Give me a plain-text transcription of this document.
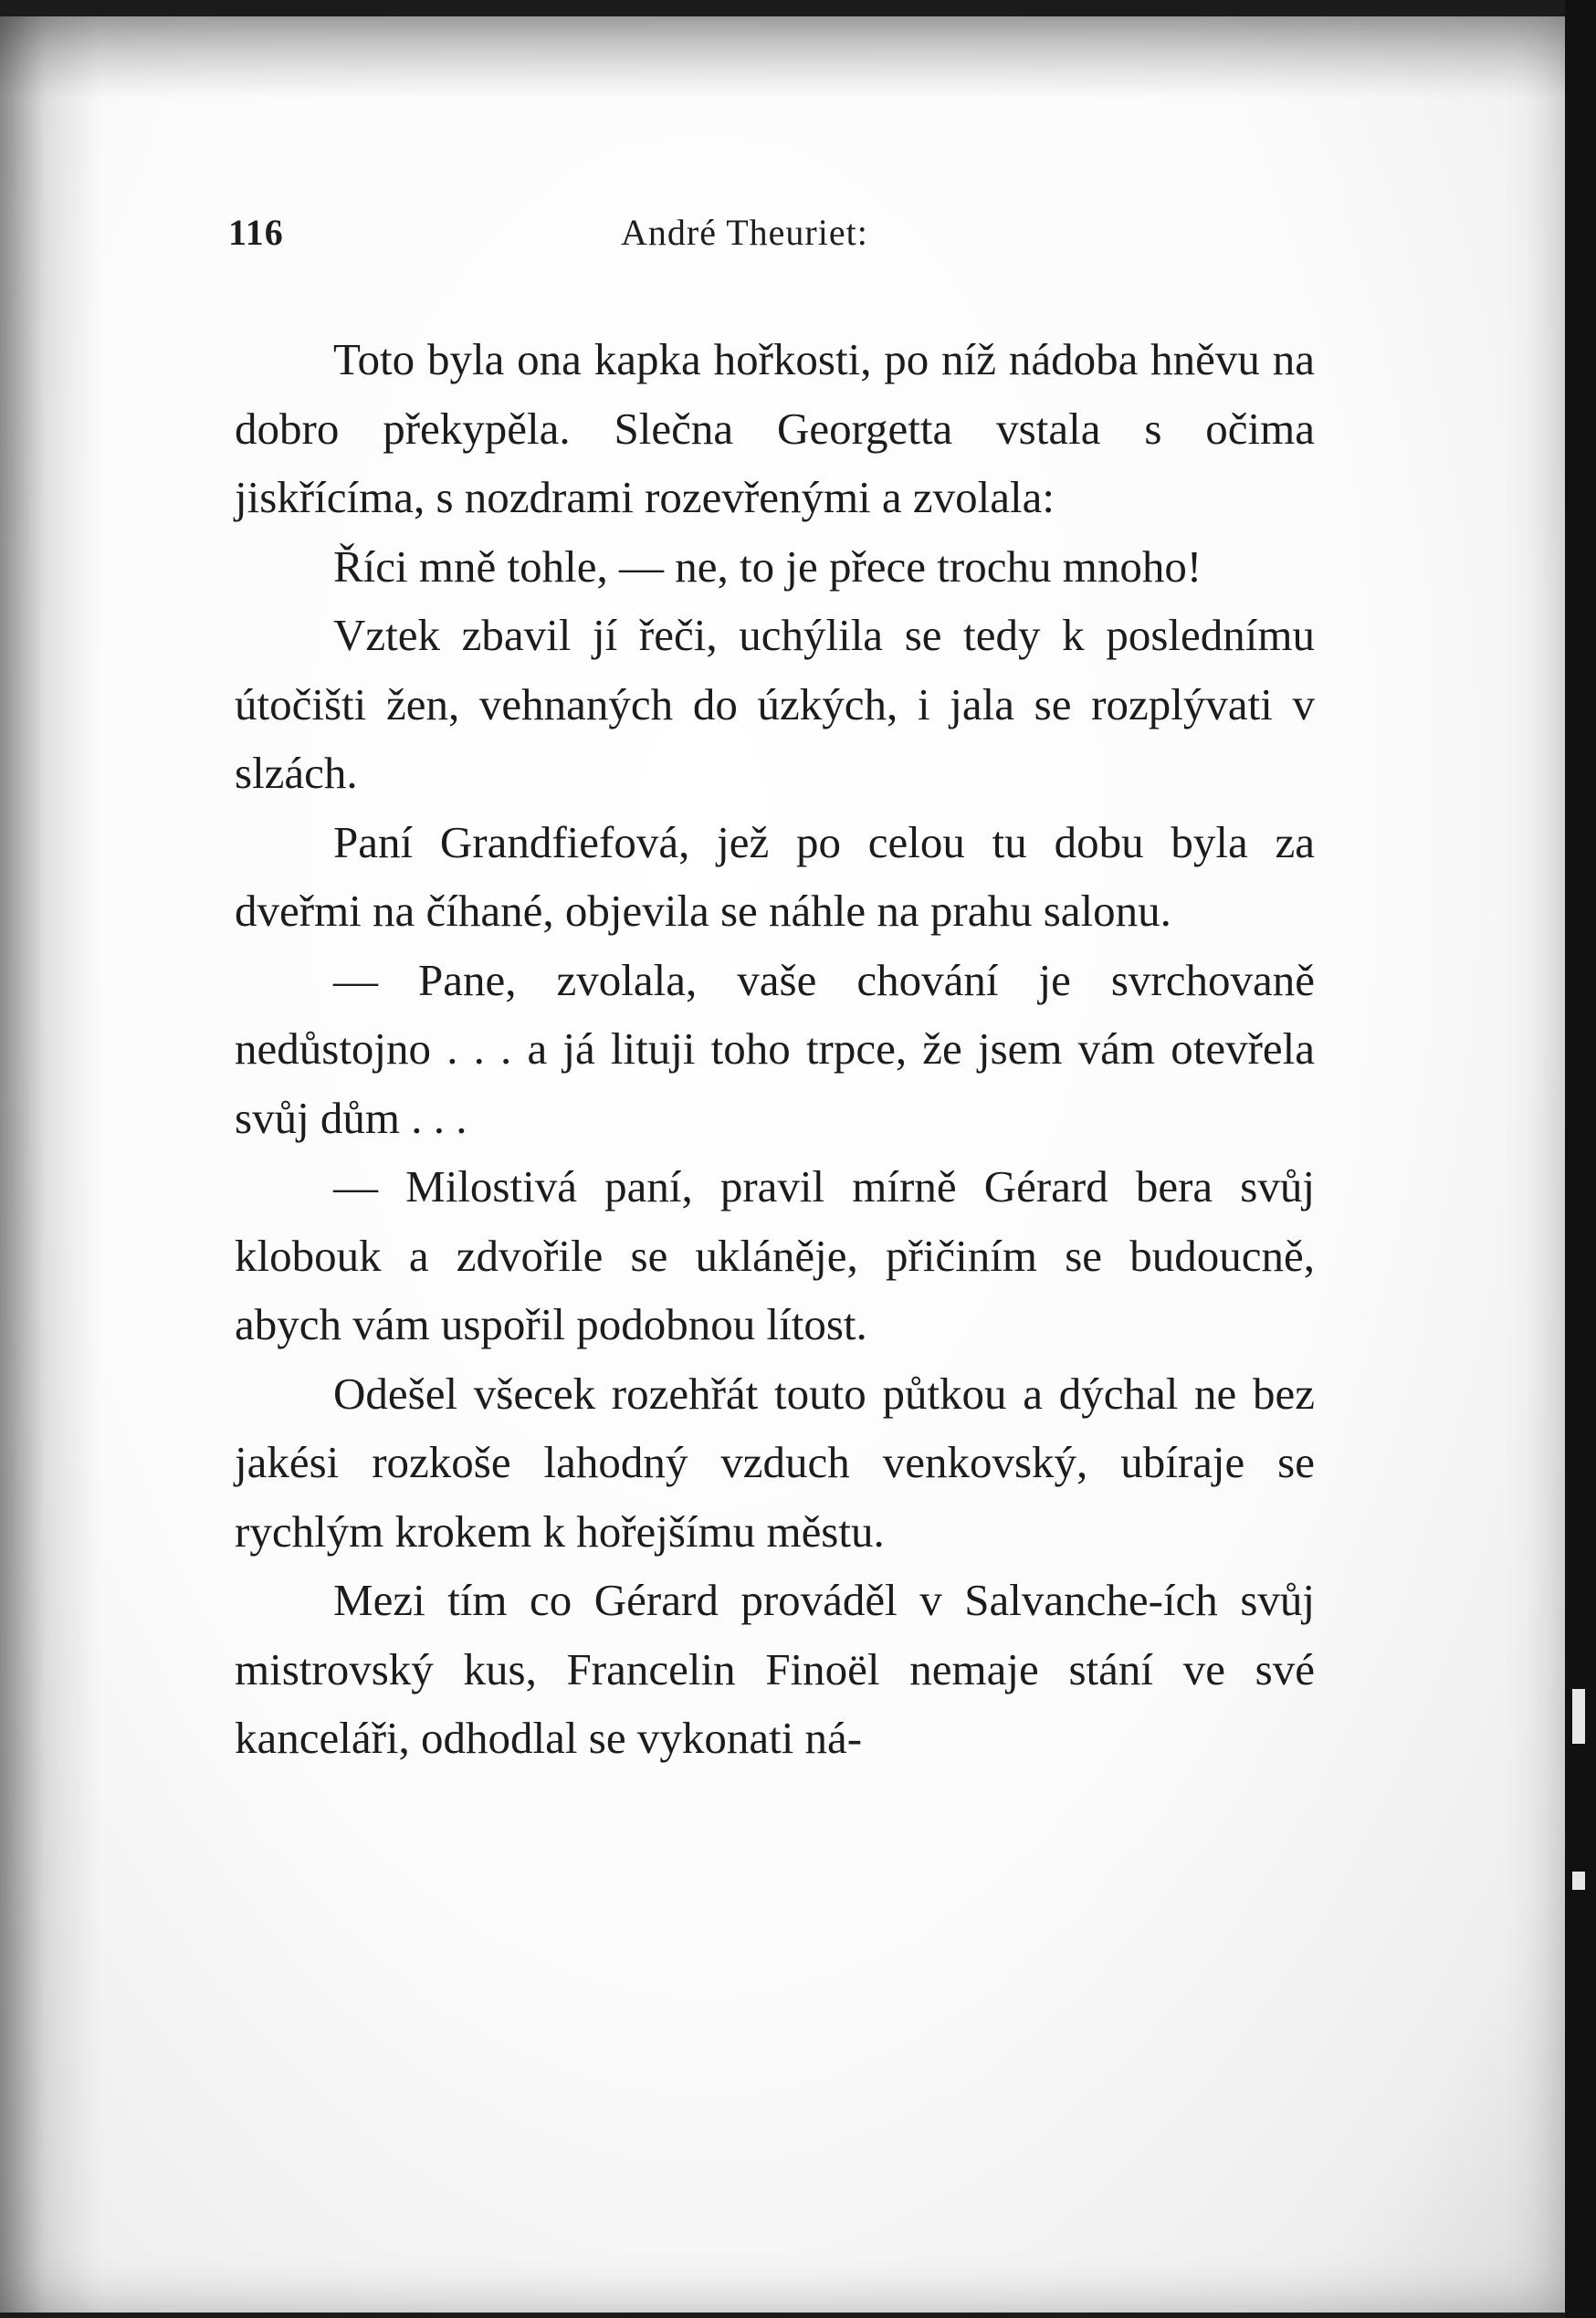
116	André Theuriet:

Toto byla ona kapka hořkosti, po níž nádoba hněvu na dobro překypěla. Slečna Georgetta vstala s očima jiskřícíma, s nozdrami rozevřenými a zvolala:

Říci mně tohle, — ne, to je přece trochu mnoho!

Vztek zbavil jí řeči, uchýlila se tedy k poslednímu útočišti žen, vehnaných do úzkých, i jala se rozplývati v slzách.

Paní Grandfiefová, jež po celou tu dobu byla za dveřmi na číhané, objevila se náhle na prahu salonu.

— Pane, zvolala, vaše chování je svrchovaně nedůstojno . . . a já lituji toho trpce, že jsem vám otevřela svůj dům . . .

— Milostivá paní, pravil mírně Gérard bera svůj klobouk a zdvořile se ukláněje, přičiním se budoucně, abych vám uspořil podobnou lítost.

Odešel všecek rozehřát touto půtkou a dýchal ne bez jakési rozkoše lahodný vzduch venkovský, ubíraje se rychlým krokem k hořejšímu městu.

Mezi tím co Gérard prováděl v Salvanche-ích svůj mistrovský kus, Francelin Finoël nemaje stání ve své kanceláři, odhodlal se vykonati ná-
